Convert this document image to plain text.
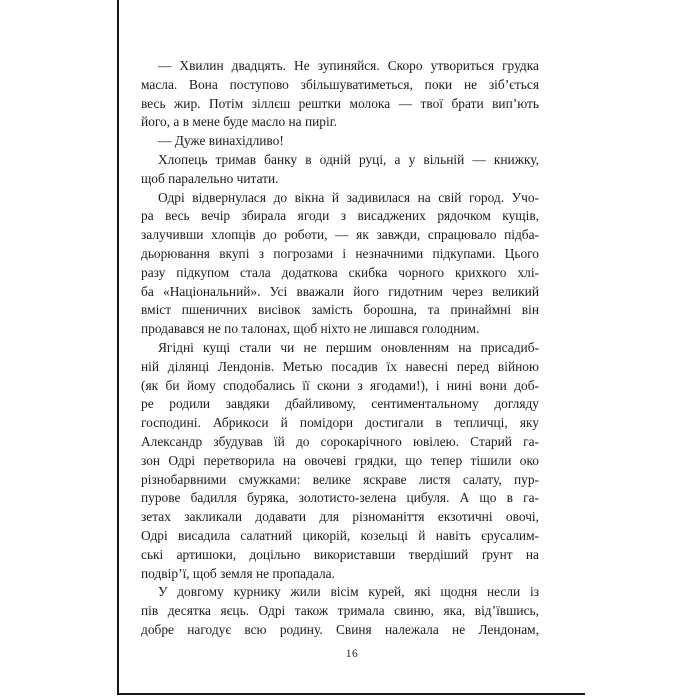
— Хвилин двадцять. Не зупиняйся. Скоро утвориться грудка
масла. Вона поступово збільшуватиметься, поки не зіб’ється
весь жир. Потім зіллєш рештки молока — твої брати вип’ють
його, а в мене буде масло на пиріг.
— Дуже винахідливо!
Хлопець тримав банку в одній руці, а у вільній — книжку,
щоб паралельно читати.
Одрі відвернулася до вікна й задивилася на свій город. Учо-
ра весь вечір збирала ягоди з висаджених рядочком кущів,
залучивши хлопців до роботи, — як завжди, спрацювало підба-
дьорювання вкупі з погрозами і незначними підкупами. Цього
разу підкупом стала додаткова скибка чорного крихкого хлі-
ба «Національний». Усі вважали його гидотним через великий
вміст пшеничних висівок замість борошна, та принаймні він
продавався не по талонах, щоб ніхто не лишався голодним.
Ягідні кущі стали чи не першим оновленням на присадиб-
ній ділянці Лендонів. Метью посадив їх навесні перед війною
(як би йому сподобались її скони з ягодами!), і нині вони доб-
ре родили завдяки дбайливому, сентиментальному догляду
господині. Абрикоси й помідори достигали в тепличці, яку
Александр збудував їй до сорокарічного ювілею. Старий га-
зон Одрі перетворила на овочеві грядки, що тепер тішили око
різнобарвними смужками: велике яскраве листя салату, пур-
пурове бадилля буряка, золотисто-зелена цибуля. А що в га-
зетах закликали додавати для різноманіття екзотичні овочі,
Одрі висадила салатний цикорій, козельці й навіть єрусалим-
ські артишоки, доцільно використавши твердіший ґрунт на
подвір’ї, щоб земля не пропадала.
У довгому курнику жили вісім курей, які щодня несли із
пів десятка яєць. Одрі також тримала свиню, яка, від’ївшись,
добре нагодує всю родину. Свиня належала не Лендонам,
16
